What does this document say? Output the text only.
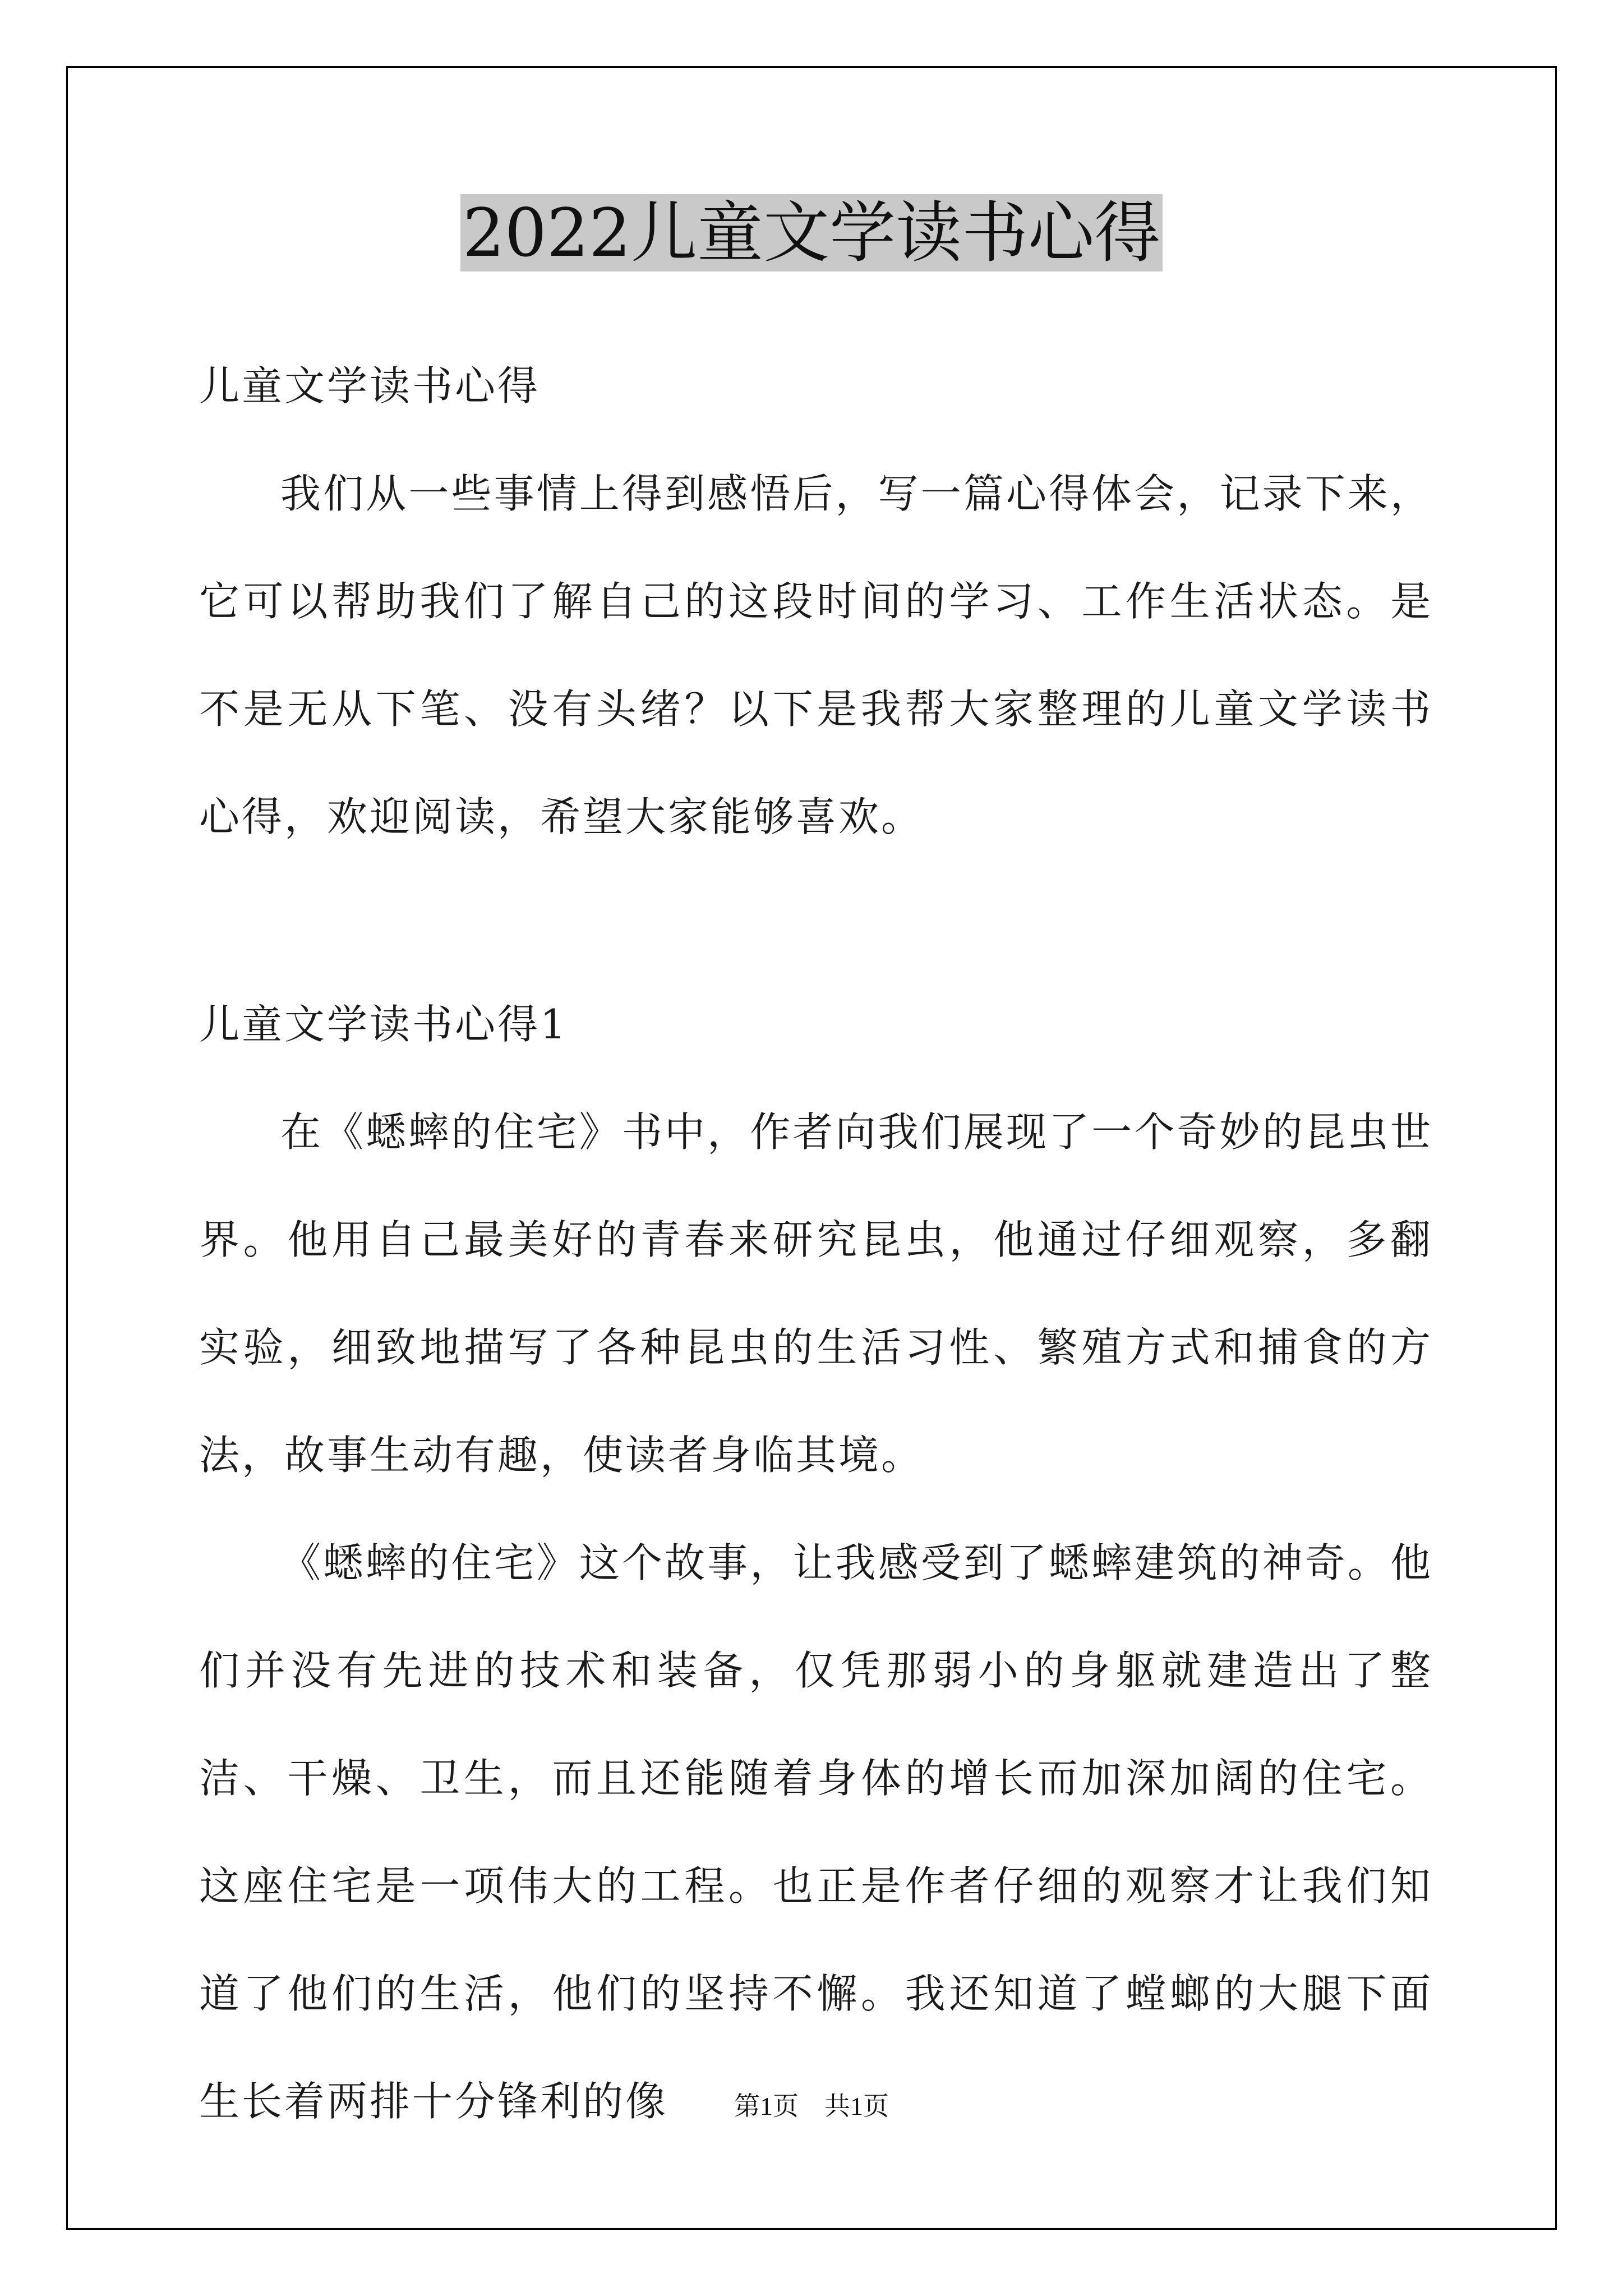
2022儿童文学读书心得

儿童文学读书心得

我们从一些事情上得到感悟后，写一篇心得体会，记录下来，它可以帮助我们了解自己的这段时间的学习、工作生活状态。是不是无从下笔、没有头绪？以下是我帮大家整理的儿童文学读书心得，欢迎阅读，希望大家能够喜欢。

儿童文学读书心得1

在《蟋蟀的住宅》书中，作者向我们展现了一个奇妙的昆虫世界。他用自己最美好的青春来研究昆虫，他通过仔细观察，多翻实验，细致地描写了各种昆虫的生活习性、繁殖方式和捕食的方法，故事生动有趣，使读者身临其境。

《蟋蟀的住宅》这个故事，让我感受到了蟋蟀建筑的神奇。他们并没有先进的技术和装备，仅凭那弱小的身躯就建造出了整洁、干燥、卫生，而且还能随着身体的增长而加深加阔的住宅。这座住宅是一项伟大的工程。也正是作者仔细的观察才让我们知道了他们的生活，他们的坚持不懈。我还知道了螳螂的大腿下面生长着两排十分锋利的像	第1页　共1页
